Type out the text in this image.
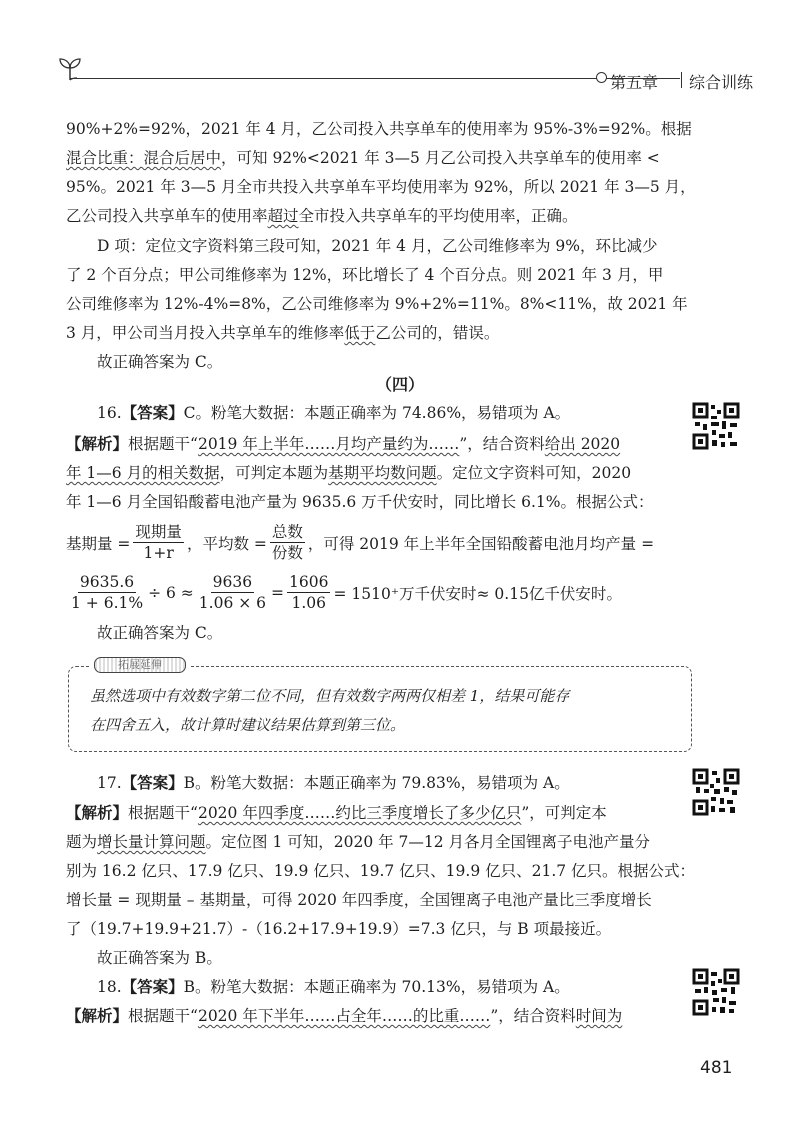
第五章 综合训练
90%+2%=92%，2021 年 4 月，乙公司投入共享单车的使用率为 95%-3%=92%。根据
混合比重：混合后居中，可知 92%<2021 年 3—5 月乙公司投入共享单车的使用率 <
95%。2021 年 3—5 月全市共投入共享单车平均使用率为 92%，所以 2021 年 3—5 月，
乙公司投入共享单车的使用率超过全市投入共享单车的平均使用率，正确。
D 项：定位文字资料第三段可知，2021 年 4 月，乙公司维修率为 9%，环比减少
了 2 个百分点；甲公司维修率为 12%，环比增长了 4 个百分点。则 2021 年 3 月，甲
公司维修率为 12%-4%=8%，乙公司维修率为 9%+2%=11%。8%<11%，故 2021 年
3 月，甲公司当月投入共享单车的维修率低于乙公司的，错误。
故正确答案为 C。
（四）
16.【答案】C。粉笔大数据：本题正确率为 74.86%，易错项为 A。
【解析】根据题干“2019 年上半年……月均产量约为……”，结合资料给出 2020
年 1—6 月的相关数据，可判定本题为基期平均数问题。定位文字资料可知，2020
年 1—6 月全国铅酸蓄电池产量为 9635.6 万千伏安时，同比增长 6.1%。根据公式：
基期量 = $\frac{\text{现期量}}{1+r}$ ，平均数 = $\frac{\text{总数}}{\text{份数}}$ ，可得 2019 年上半年全国铅酸蓄电池月均产量 =
$\frac{9635.6}{1 + 6.1\%} \div 6 \approx \frac{9636}{1.06 \times 6} = \frac{1606}{1.06} = 1510^+$万千伏安时≈ 0.15亿千伏安时。
故正确答案为 C。
拓展延伸
虽然选项中有效数字第二位不同，但有效数字两两仅相差 1，结果可能存
在四舍五入，故计算时建议结果估算到第三位。
17.【答案】B。粉笔大数据：本题正确率为 79.83%，易错项为 A。
【解析】根据题干“2020 年四季度……约比三季度增长了多少亿只”，可判定本
题为增长量计算问题。定位图 1 可知，2020 年 7—12 月各月全国锂离子电池产量分
别为 16.2 亿只、17.9 亿只、19.9 亿只、19.7 亿只、19.9 亿只、21.7 亿只。根据公式：
增长量 = 现期量 – 基期量，可得 2020 年四季度，全国锂离子电池产量比三季度增长
了（19.7+19.9+21.7）-（16.2+17.9+19.9）=7.3 亿只，与 B 项最接近。
故正确答案为 B。
18.【答案】B。粉笔大数据：本题正确率为 70.13%，易错项为 A。
【解析】根据题干“2020 年下半年……占全年……的比重……”，结合资料时间为
481
